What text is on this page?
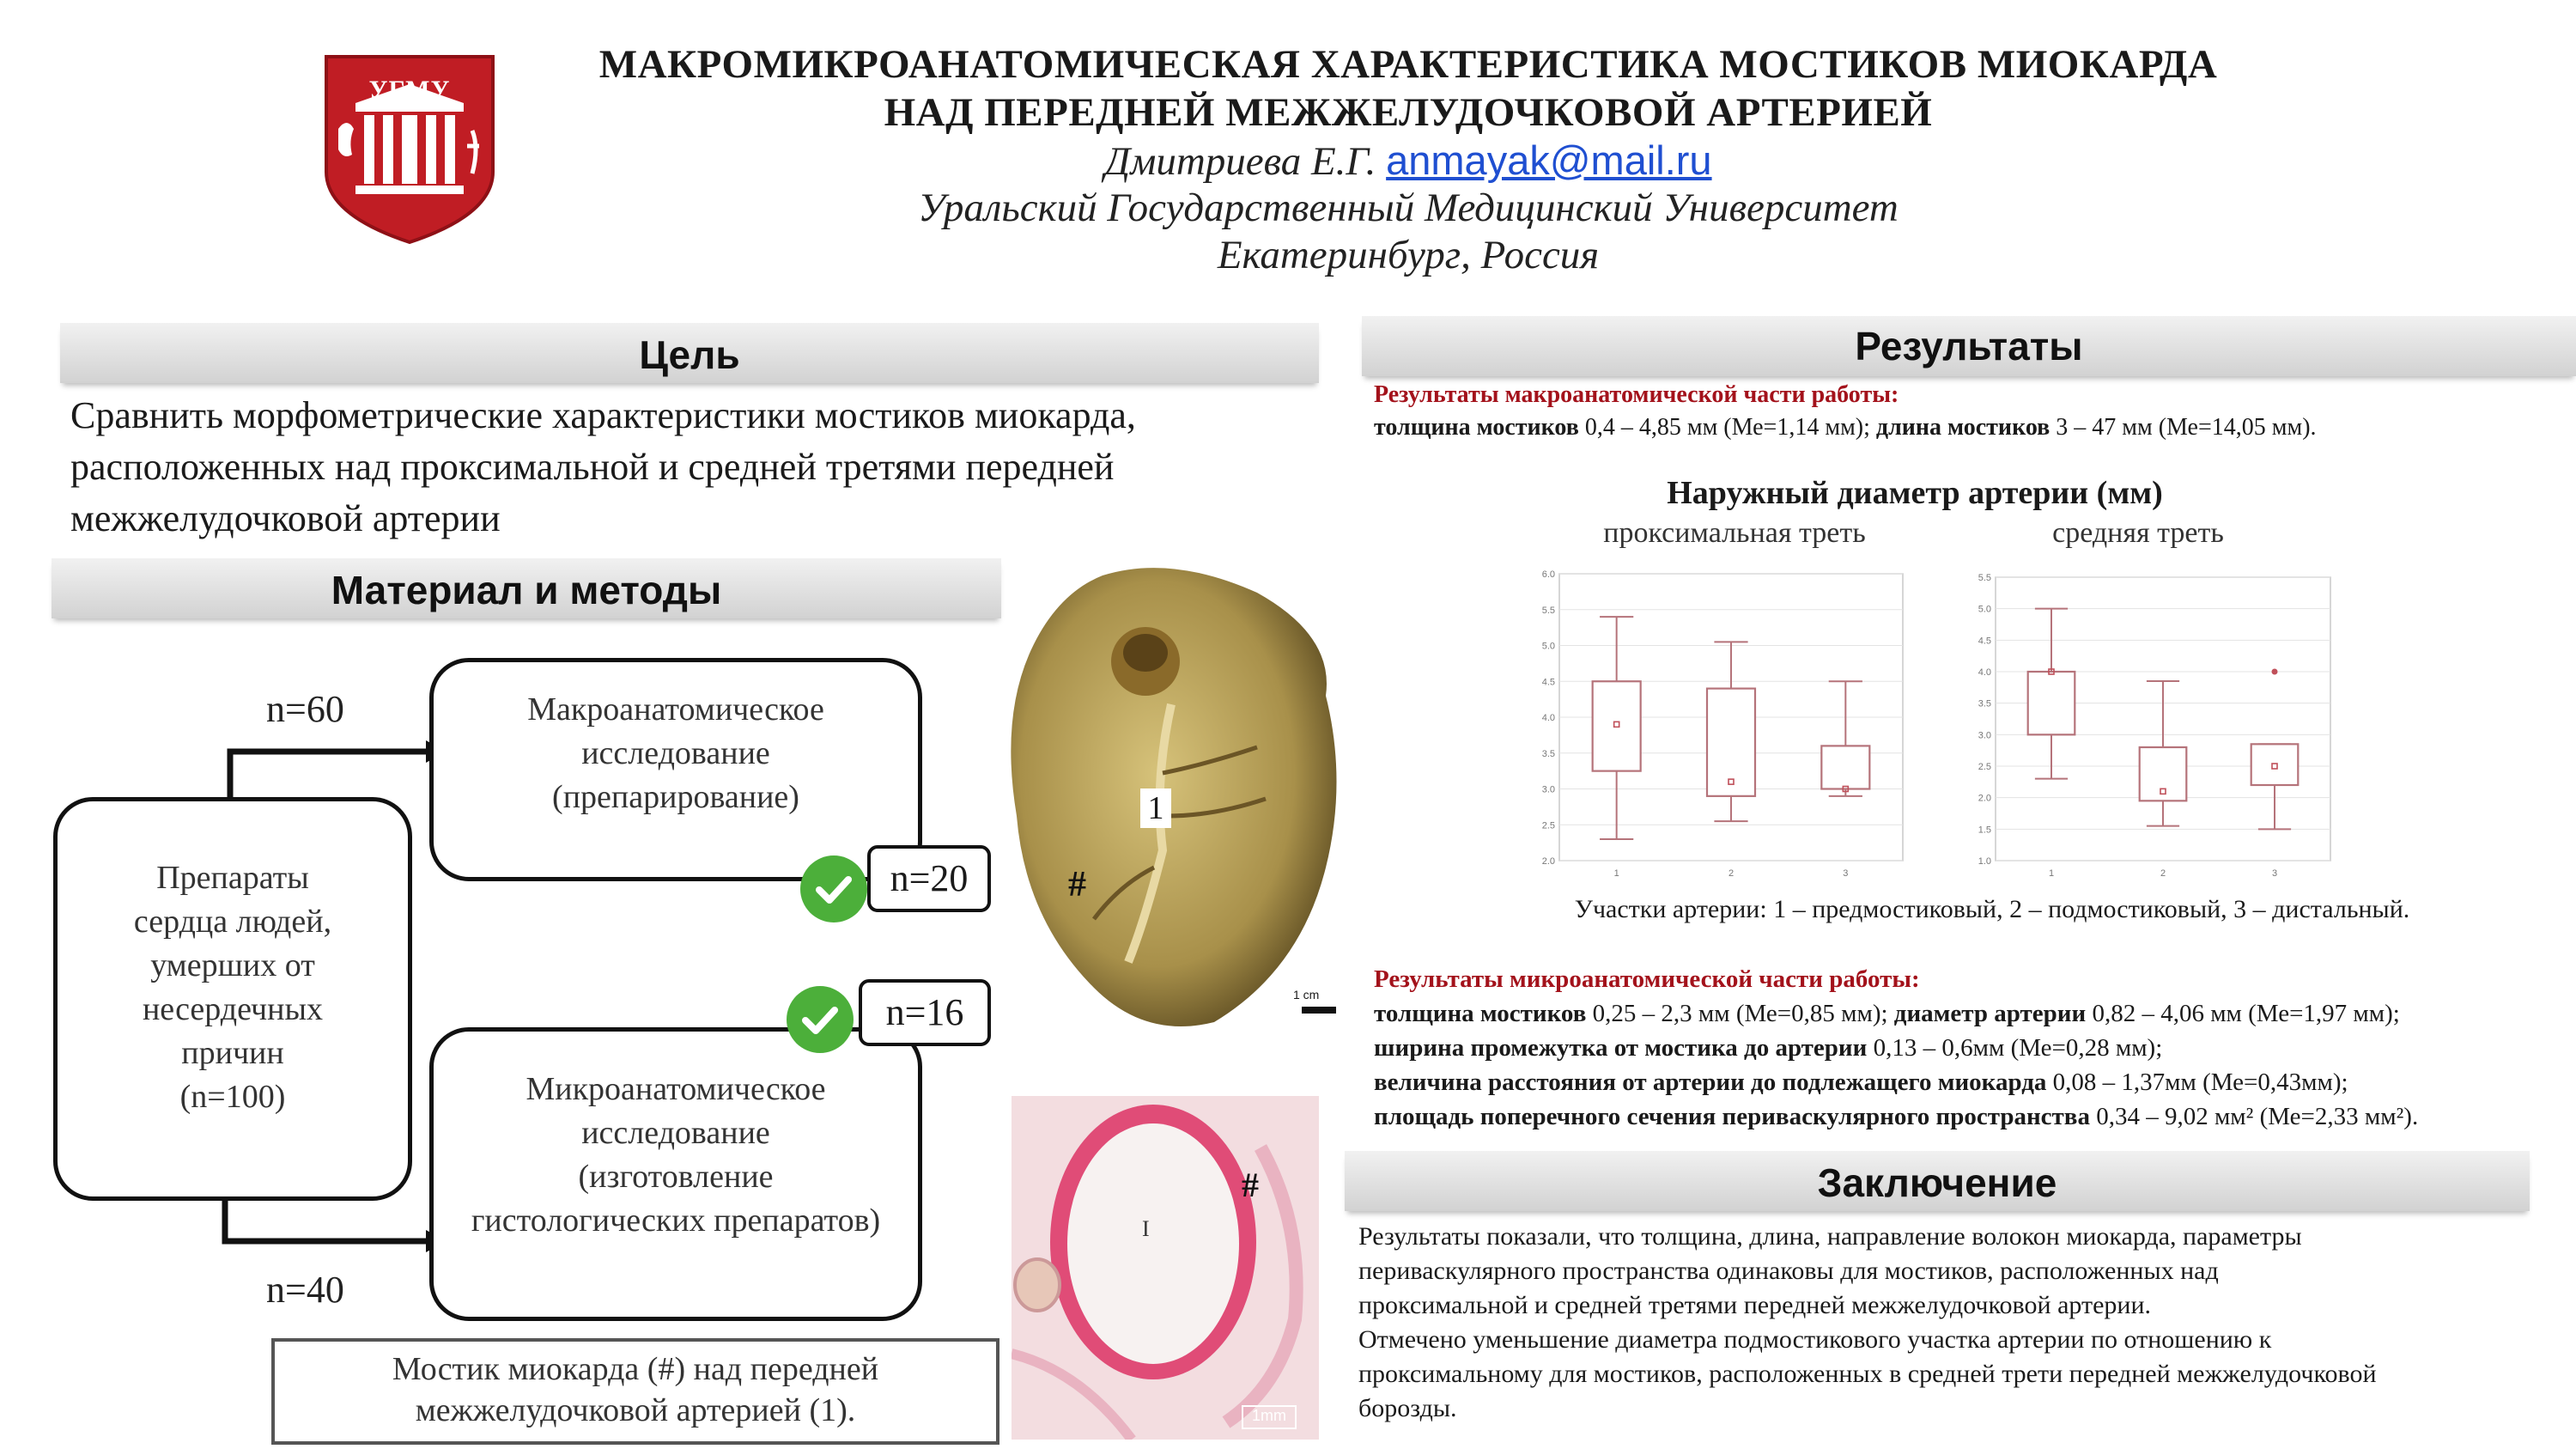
УГМУ
МАКРОМИКРОАНАТОМИЧЕСКАЯ ХАРАКТЕРИСТИКА МОСТИКОВ МИОКАРДА
НАД ПЕРЕДНЕЙ МЕЖЖЕЛУДОЧКОВОЙ АРТЕРИЕЙ
Дмитриева Е.Г. anmayak@mail.ru
Уральский Государственный Медицинский Университет
Екатеринбург, Россия
Цель
Сравнить морфометрические характеристики мостиков миокарда,
расположенных над проксимальной и средней третями передней
межжелудочковой артерии
Материал и методы
Препараты
сердца людей,
умерших от
несердечных
причин
(n=100)
Макроанатомическое
исследование
(препарирование)
Микроанатомическое
исследование
(изготовление
гистологических препаратов)
n=60
n=40
n=20
n=16
Мостик миокарда (#) над передней
межжелудочковой артерией (1).
1
#
1 cm
I
#
1mm
Результаты
Результаты макроанатомической части работы:
толщина мостиков 0,4 – 4,85 мм (Ме=1,14 мм); длина мостиков 3 – 47 мм (Ме=14,05 мм).
Наружный диаметр артерии (мм)
проксимальная треть	средняя треть
2.0
2.5
3.0
3.5
4.0
4.5
5.0
5.5
6.0
1	2	3
1.0
1.5
2.0
2.5
3.0
3.5
4.0
4.5
5.0
5.5
1	2	3
Участки артерии: 1 – предмостиковый, 2 – подмостиковый, 3 – дистальный.
Результаты микроанатомической части работы:
толщина мостиков 0,25 – 2,3 мм (Ме=0,85 мм); диаметр артерии 0,82 – 4,06 мм (Ме=1,97 мм);
ширина промежутка от мостика до артерии 0,13 – 0,6мм (Ме=0,28 мм);
величина расстояния от артерии до подлежащего миокарда 0,08 – 1,37мм (Ме=0,43мм);
площадь поперечного сечения периваскулярного пространства 0,34 – 9,02 мм² (Ме=2,33 мм²).
Заключение
Результаты показали, что толщина, длина, направление волокон миокарда, параметры
периваскулярного пространства одинаковы для мостиков, расположенных над
проксимальной и средней третями передней межжелудочковой артерии.
Отмечено уменьшение диаметра подмостикового участка артерии по отношению к
проксимальному для мостиков, расположенных в средней трети передней межжелудочковой
борозды.
